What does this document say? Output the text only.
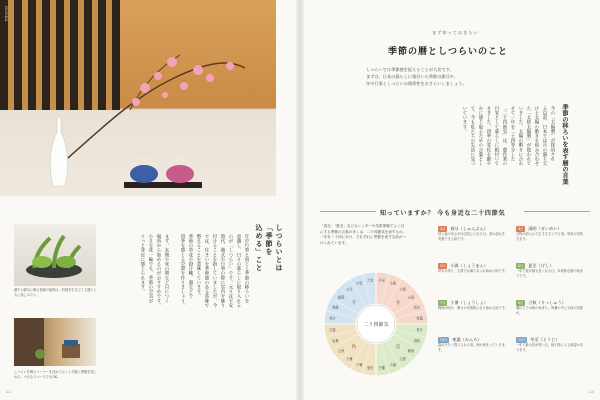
BUNKA
端午の節句に飾る菖蒲の植物は、料理を引き立てる器とともに楽しみたい。
しつらいを飾るコーナーを決めておくと手軽に季節を楽しめる。小さなスペースでもOK。
しつらいとは
「季節を
込める」こと
年中行事と同じく季節の移ろいを
意識し、日々の暮らしに取り入れる
のが「しつらい」です。元々は平安
時代、儀式や行事の際に室内を飾り
付けることを指していましたが、今
では、住まいを季節感のある装飾で
整えることを意味しています。
季節の草花や掛け軸、器などで
四季を感じる空間を作りましょう。
まず、玄関や床の間など目につく
場所から始めるのがおすすめです。
小さな花一輪でも、季節の空気が
ぐっと身近に感じられます。
22
まず知っておきたい
季節の暦としつらいのこと
しつらいでは季節感を捉えることが大切です。
まずは、日本の暮らしに根付いた季節の節目や、
年中行事としつらいの関係性をおさらいしましょう。
季節の移ろいを表す暦の言葉
今の「太陽暦」が採用され
る以前、日本では月の満ち欠
けと太陽の動きを組み合わせ
た「太陰太陽暦」が使われて
いました。太陽の動きに合わ
せて一年を二十四等分した
「二十四節気」は、農作業の
目安として暮らしに根付いて
きました。四季の変化を細や
かに感じ取るための言葉とし
て、今も私たちの生活に息づ
いています。
知っていますか？ 今も身近な二十四節気
「春分」「夏至」などカレンダーや気象情報でよく目
にする季節の言葉の多くは、二十四節気を表すもの。
一年を二十四に分け、それぞれに季節を表す名前がつ
けられています。
立春
雨水
啓蟄
春分
清明
穀雨
立夏
小満
芒種
夏至
小暑
大暑
立秋
処暑
白露
秋分
寒露
霜降
立冬
小雪
大雪 冬至
小寒
大寒
二十四節気
春
夏
秋
冬
3月 春分（しゅんぶん）
昼と夜の長さがほぼ同じになる日。春の訪れを実感できる頃です。
4月 清明（せいめい）
万物が清らかで生き生きとする頃。草花が芽吹きます。
5月 小満（しょうまん）
草木が茂り、生命力が満ちあふれ始める頃です。
6月 夏至（げし）
一年で昼が最も長くなる日。本格的な夏の始まりです。
7月 小暑（しょうしょ）
梅雨が明け、暑さが本格的になり始める頃です。
8月 立秋（りっしゅう）
暦の上では秋の始まり。残暑の中にも秋の気配が。
10月 寒露（かんろ）
露が冷たく感じられる頃。秋が深まっていきます。
12月 冬至（とうじ）
一年で最も昼が短い日。柚子湯に入る風習があります。
23
